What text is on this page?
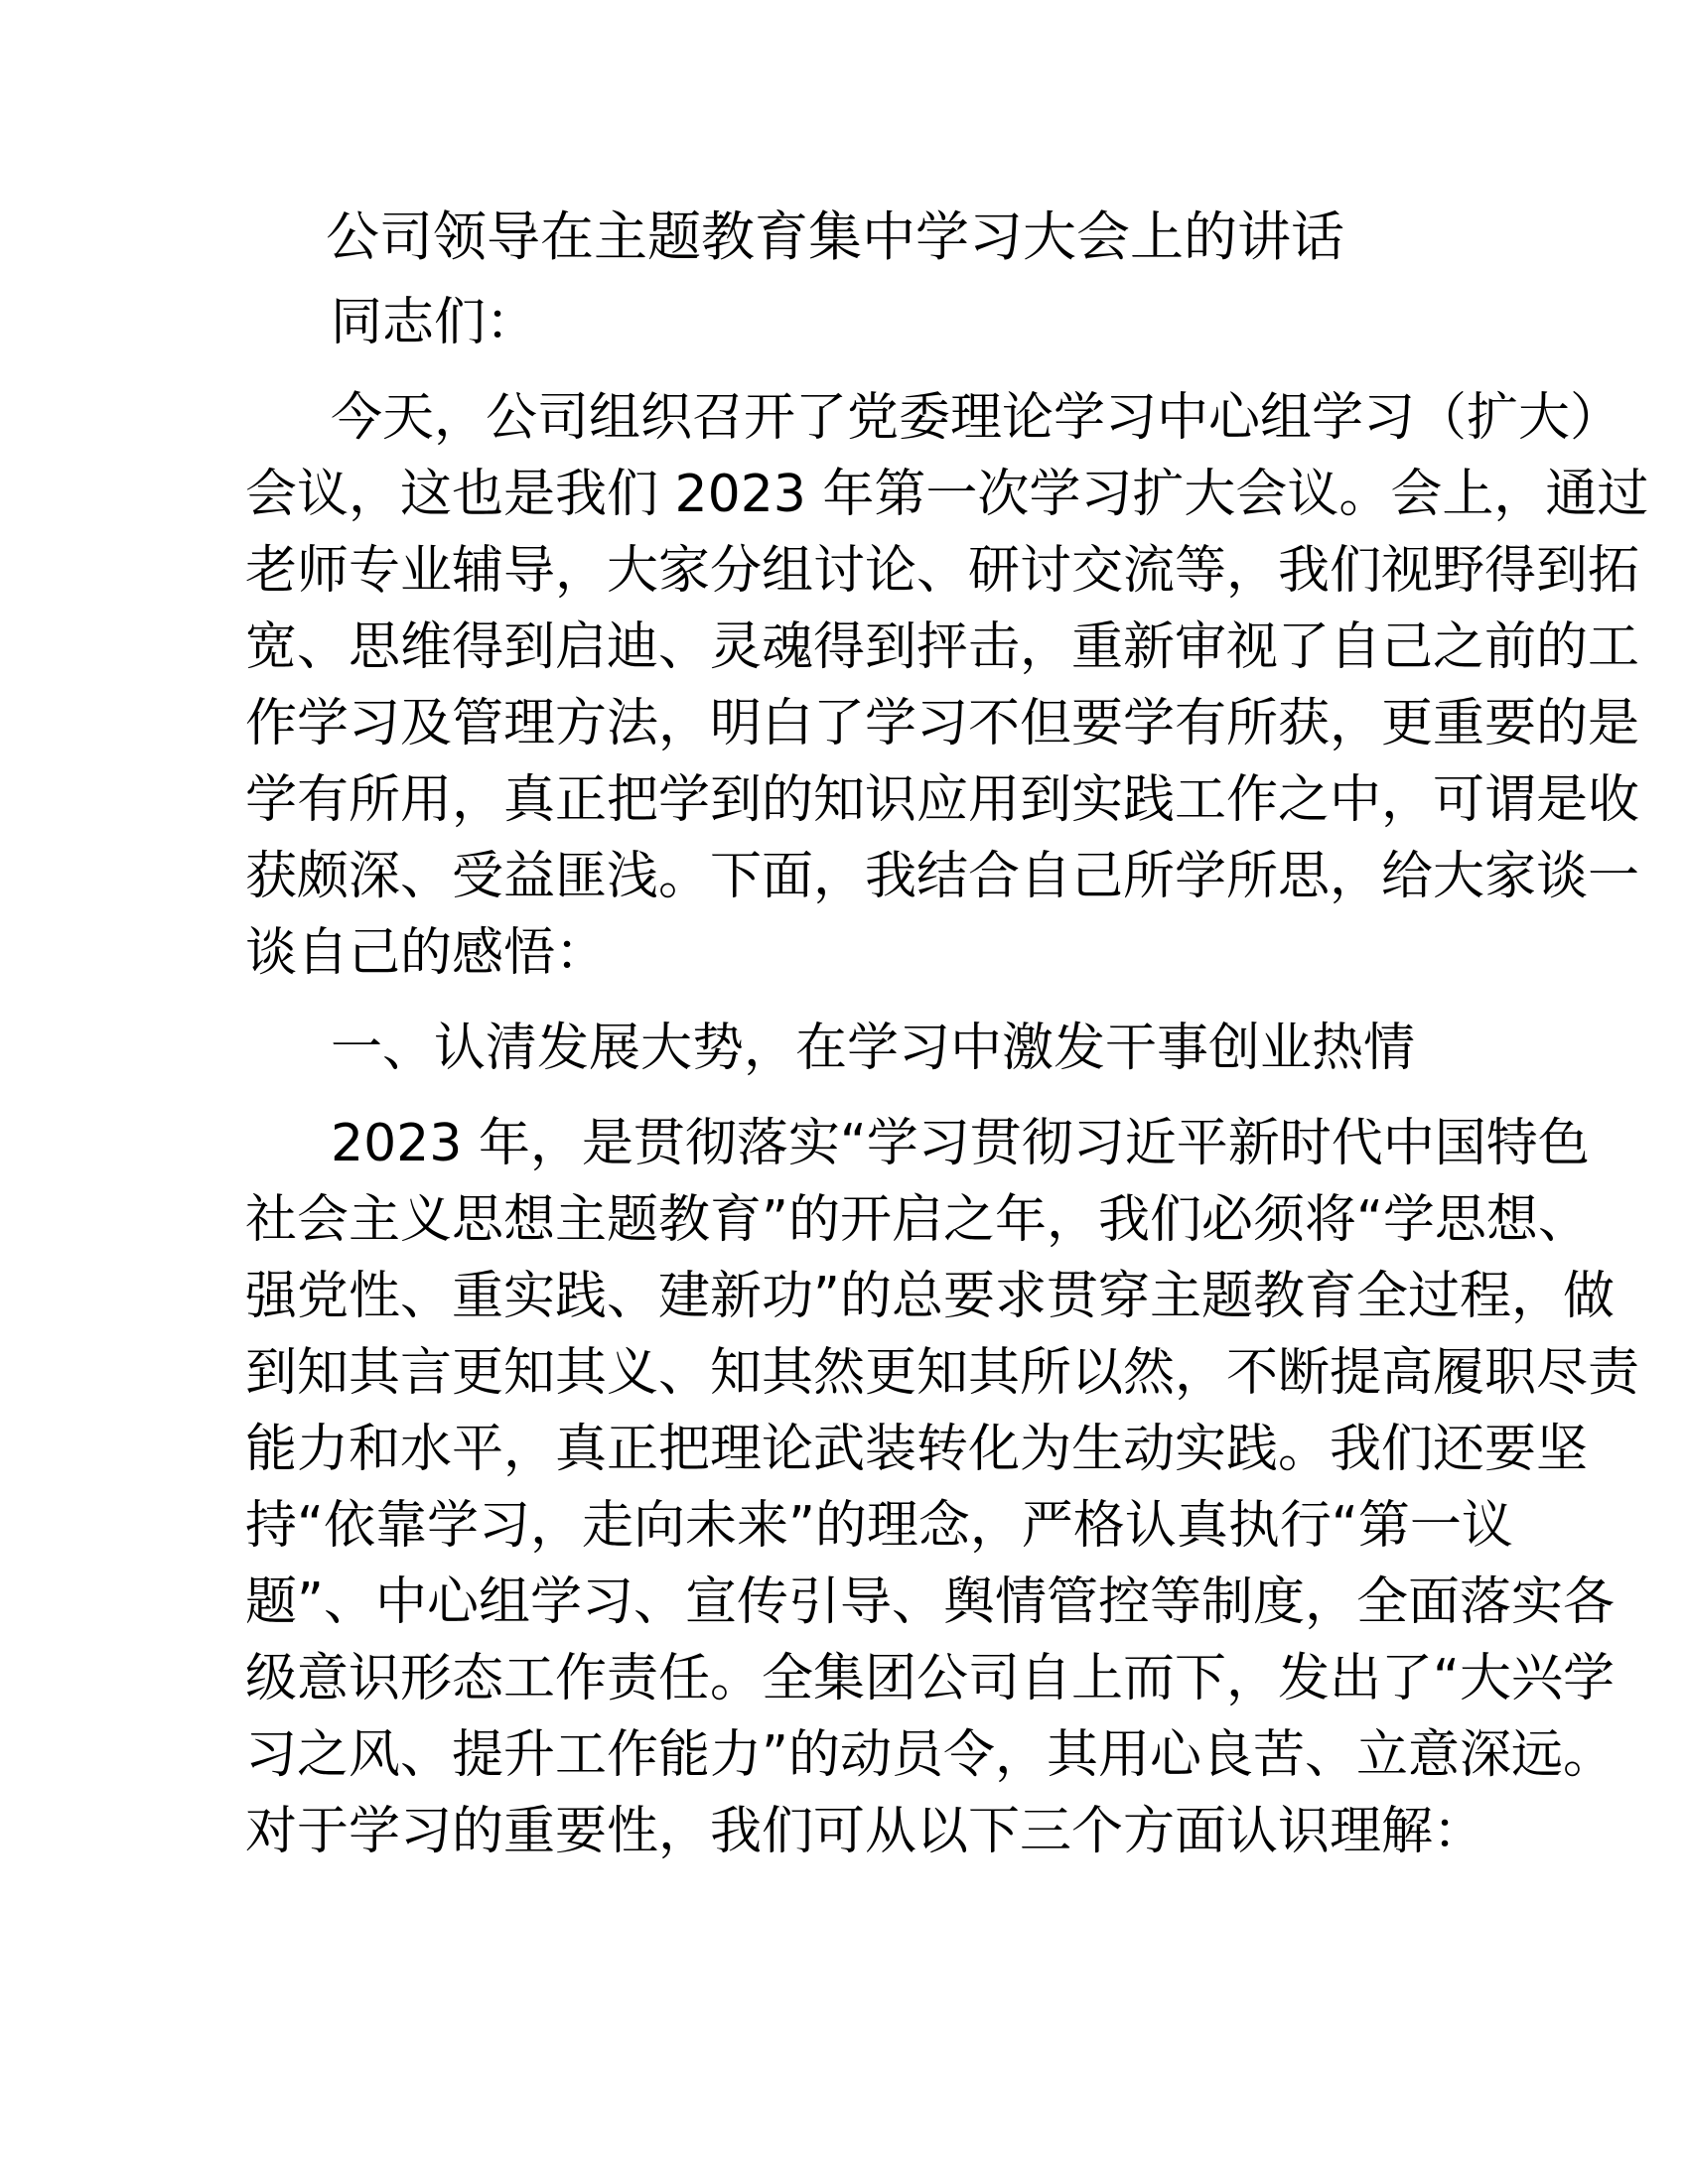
公司领导在主题教育集中学习大会上的讲话
同志们：
今天，公司组织召开了党委理论学习中心组学习（扩大）
会议，这也是我们 2023 年第一次学习扩大会议。会上，通过
老师专业辅导，大家分组讨论、研讨交流等，我们视野得到拓
宽、思维得到启迪、灵魂得到抨击，重新审视了自己之前的工
作学习及管理方法，明白了学习不但要学有所获，更重要的是
学有所用，真正把学到的知识应用到实践工作之中，可谓是收
获颇深、受益匪浅。下面，我结合自己所学所思，给大家谈一
谈自己的感悟：
一、认清发展大势，在学习中激发干事创业热情
2023 年，是贯彻落实“学习贯彻习近平新时代中国特色
社会主义思想主题教育”的开启之年，我们必须将“学思想、
强党性、重实践、建新功”的总要求贯穿主题教育全过程，做
到知其言更知其义、知其然更知其所以然，不断提高履职尽责
能力和水平，真正把理论武装转化为生动实践。我们还要坚
持“依靠学习，走向未来”的理念，严格认真执行“第一议
题”、中心组学习、宣传引导、舆情管控等制度，全面落实各
级意识形态工作责任。全集团公司自上而下，发出了“大兴学
习之风、提升工作能力”的动员令，其用心良苦、立意深远。
对于学习的重要性，我们可从以下三个方面认识理解：
